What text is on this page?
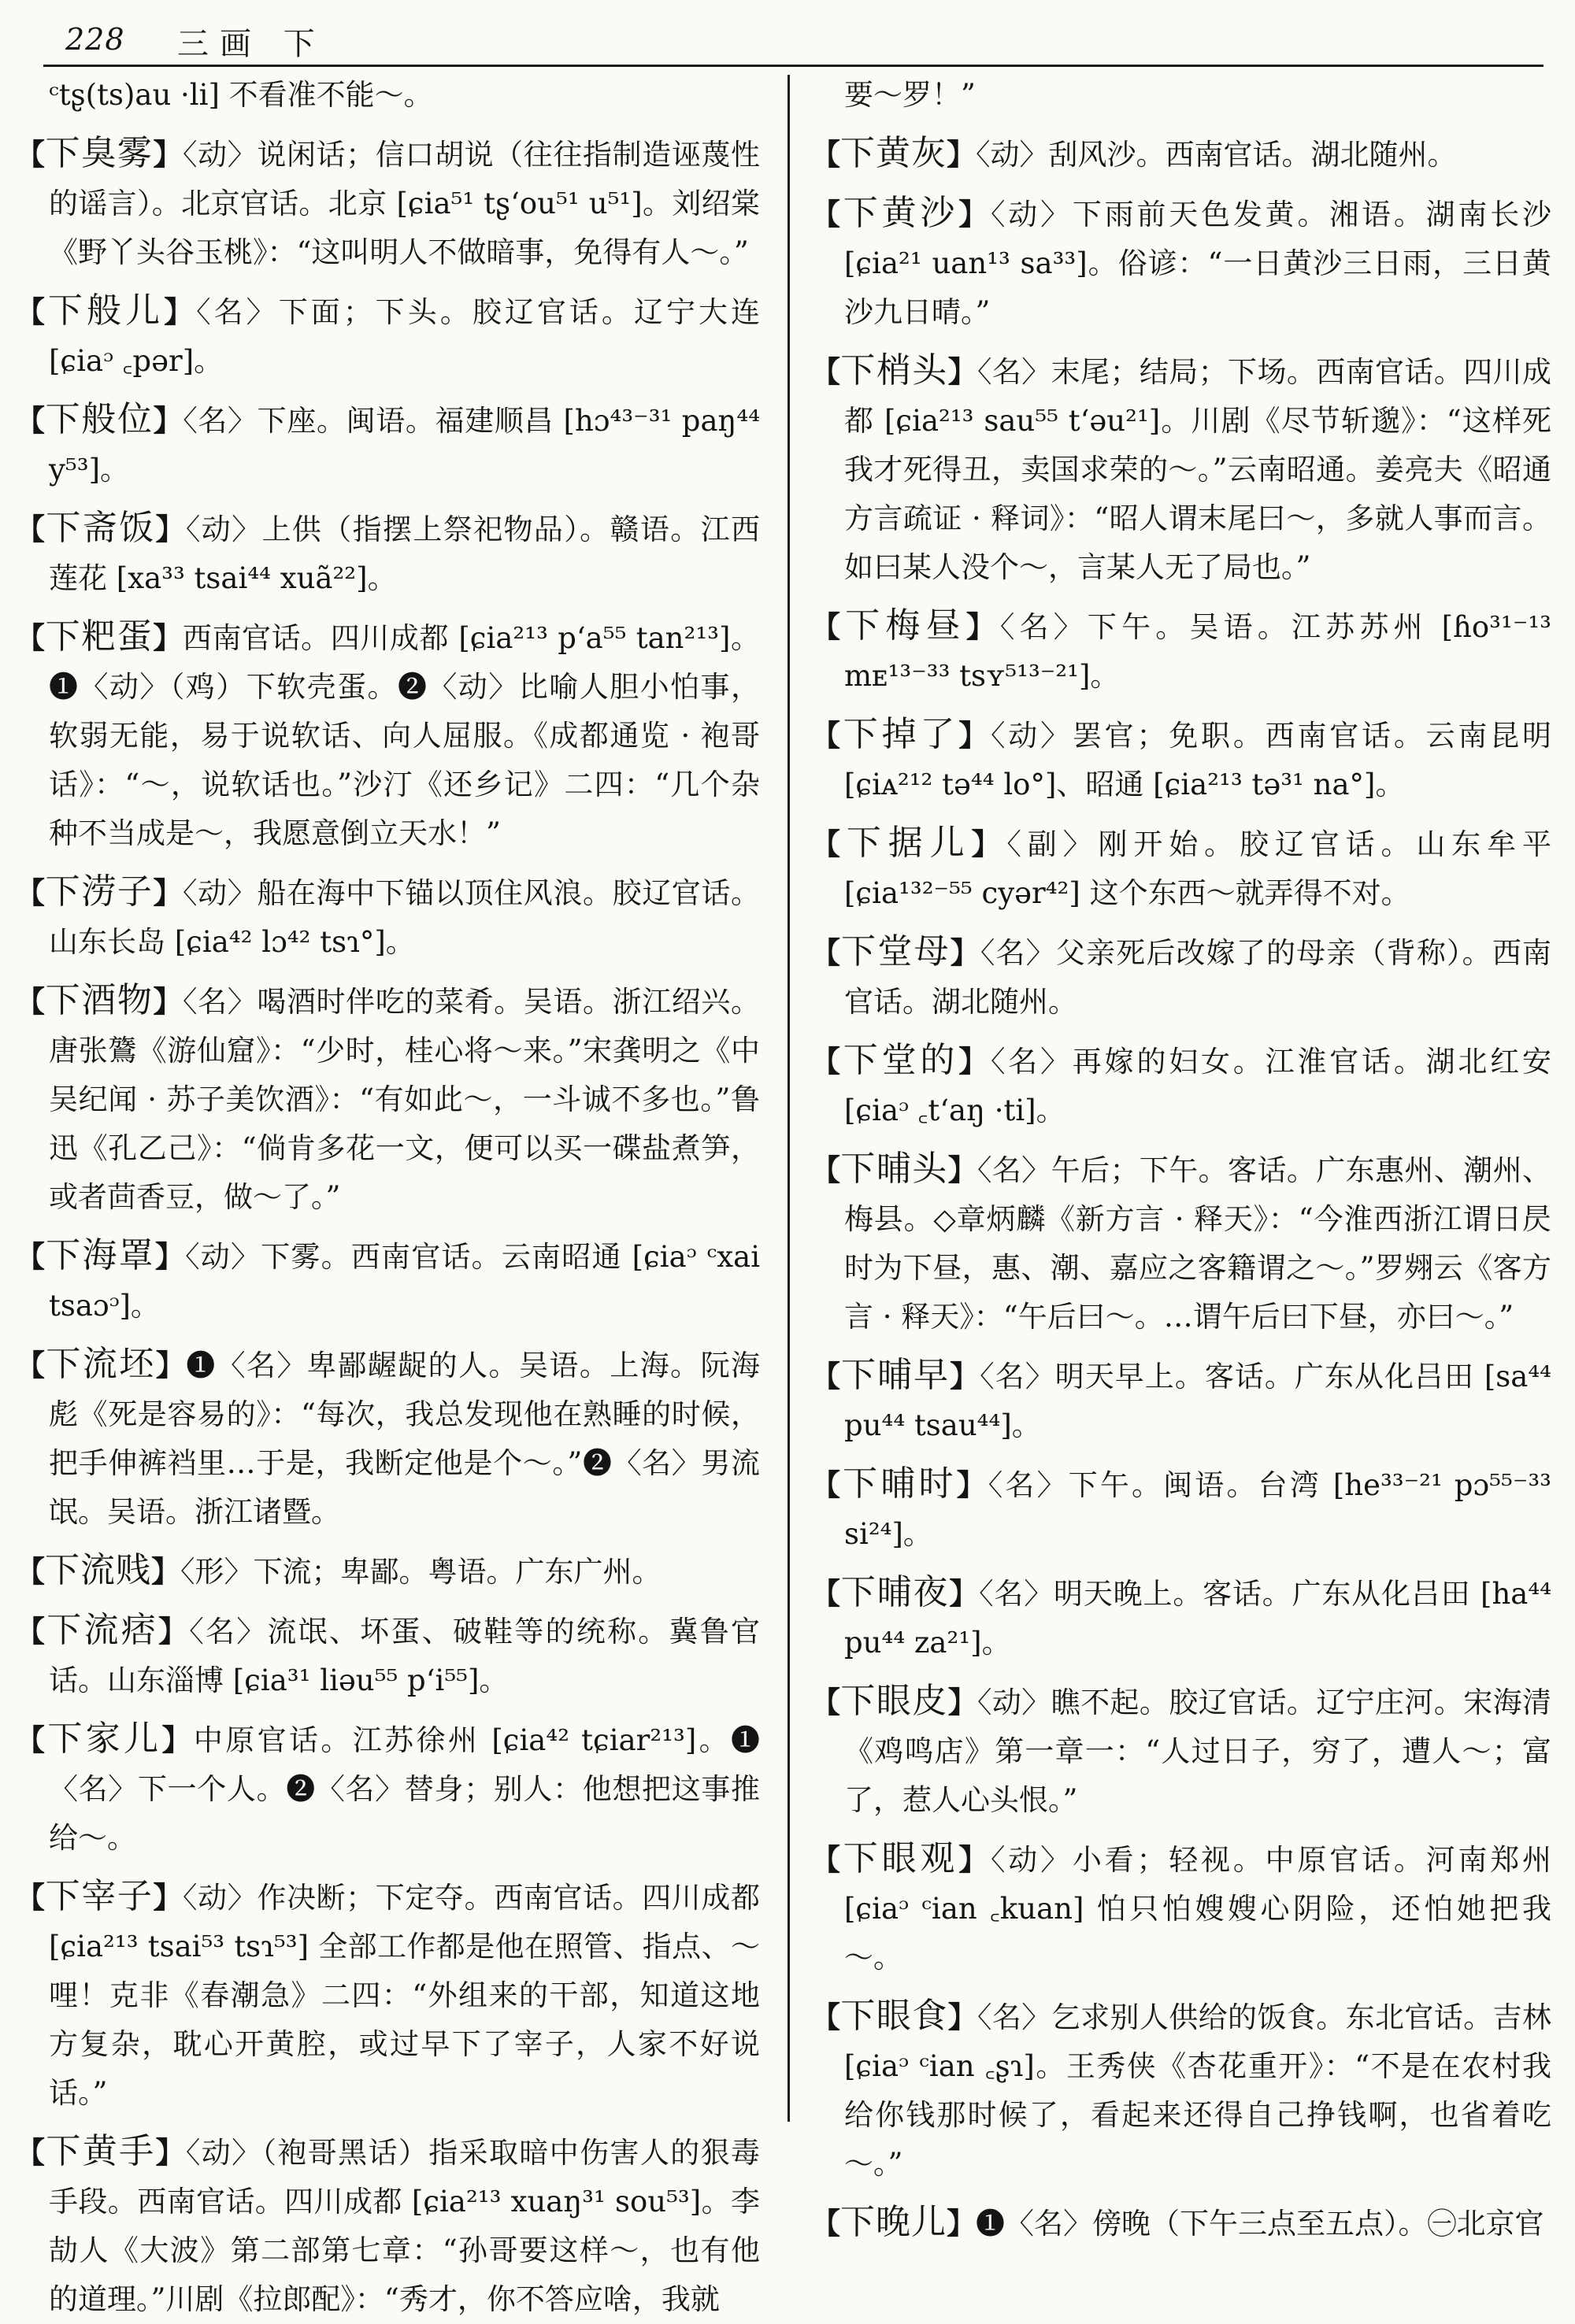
228 三画 下

ᶜtʂ(ts)au ·li] 不看准不能～。

【下臭雾】〈动〉说闲话；信口胡说（往往指制造诬蔑性的谣言）。北京官话。北京 [ɕia⁵¹ tʂʻou⁵¹ u⁵¹]。刘绍棠《野丫头谷玉桃》：“这叫明人不做暗事，免得有人～。”

【下般儿】〈名〉下面；下头。胶辽官话。辽宁大连 [ɕiaᵓ ꜀pər]。

【下般位】〈名〉下座。闽语。福建顺昌 [hɔ⁴³⁻³¹ paŋ⁴⁴ y⁵³]。

【下斋饭】〈动〉上供（指摆上祭祀物品）。赣语。江西莲花 [xa³³ tsai⁴⁴ xuã²²]。

【下粑蛋】西南官话。四川成都 [ɕia²¹³ pʻa⁵⁵ tan²¹³]。❶〈动〉（鸡）下软壳蛋。❷〈动〉比喻人胆小怕事，软弱无能，易于说软话、向人屈服。《成都通览 · 袍哥话》：“～，说软话也。”沙汀《还乡记》二四：“几个杂种不当成是～，我愿意倒立天水！”

【下涝子】〈动〉船在海中下锚以顶住风浪。胶辽官话。山东长岛 [ɕia⁴² lɔ⁴² tsɿ°]。

【下酒物】〈名〉喝酒时伴吃的菜肴。吴语。浙江绍兴。唐张鷟《游仙窟》：“少时，桂心将～来。”宋龚明之《中吴纪闻 · 苏子美饮酒》：“有如此～，一斗诚不多也。”鲁迅《孔乙己》：“倘肯多花一文，便可以买一碟盐煮笋，或者茴香豆，做～了。”

【下海罩】〈动〉下雾。西南官话。云南昭通 [ɕiaᵓ ᶜxai tsaɔᵓ]。

【下流坯】❶〈名〉卑鄙龌龊的人。吴语。上海。阮海彪《死是容易的》：“每次，我总发现他在熟睡的时候，把手伸裤裆里…于是，我断定他是个～。”❷〈名〉男流氓。吴语。浙江诸暨。

【下流贱】〈形〉下流；卑鄙。粤语。广东广州。

【下流痞】〈名〉流氓、坏蛋、破鞋等的统称。冀鲁官话。山东淄博 [ɕia³¹ liəu⁵⁵ pʻi⁵⁵]。

【下家儿】中原官话。江苏徐州 [ɕia⁴² tɕiar²¹³]。❶〈名〉下一个人。❷〈名〉替身；别人：他想把这事推给～。

【下宰子】〈动〉作决断；下定夺。西南官话。四川成都 [ɕia²¹³ tsai⁵³ tsɿ⁵³] 全部工作都是他在照管、指点、～哩！克非《春潮急》二四：“外组来的干部，知道这地方复杂，耽心开黄腔，或过早下了宰子，人家不好说话。”

【下黄手】〈动〉（袍哥黑话）指采取暗中伤害人的狠毒手段。西南官话。四川成都 [ɕia²¹³ xuaŋ³¹ sou⁵³]。李劼人《大波》第二部第七章：“孙哥要这样～，也有他的道理。”川剧《拉郎配》：“秀才，你不答应啥，我就

要～罗！”

【下黄灰】〈动〉刮风沙。西南官话。湖北随州。

【下黄沙】〈动〉下雨前天色发黄。湘语。湖南长沙 [ɕia²¹ uan¹³ sa³³]。俗谚：“一日黄沙三日雨，三日黄沙九日晴。”

【下梢头】〈名〉末尾；结局；下场。西南官话。四川成都 [ɕia²¹³ sau⁵⁵ tʻəu²¹]。川剧《尽节斩邈》：“这样死我才死得丑，卖国求荣的～。”云南昭通。姜亮夫《昭通方言疏证 · 释词》：“昭人谓末尾曰～，多就人事而言。如曰某人没个～，言某人无了局也。”

【下梅昼】〈名〉下午。吴语。江苏苏州 [ɦo³¹⁻¹³ mᴇ¹³⁻³³ tsʏ⁵¹³⁻²¹]。

【下掉了】〈动〉罢官；免职。西南官话。云南昆明 [ɕiᴀ²¹² tə⁴⁴ lo°]、昭通 [ɕia²¹³ tə³¹ na°]。

【下据儿】〈副〉刚开始。胶辽官话。山东牟平 [ɕia¹³²⁻⁵⁵ cyər⁴²] 这个东西～就弄得不对。

【下堂母】〈名〉父亲死后改嫁了的母亲（背称）。西南官话。湖北随州。

【下堂的】〈名〉再嫁的妇女。江淮官话。湖北红安 [ɕiaᵓ ꜀tʻaŋ ·ti]。

【下晡头】〈名〉午后；下午。客话。广东惠州、潮州、梅县。◇章炳麟《新方言 · 释天》：“今淮西浙江谓日昃时为下昼，惠、潮、嘉应之客籍谓之～。”罗翙云《客方言 · 释天》：“午后曰～。…谓午后曰下昼，亦曰～。”

【下晡早】〈名〉明天早上。客话。广东从化吕田 [sa⁴⁴ pu⁴⁴ tsau⁴⁴]。

【下晡时】〈名〉下午。闽语。台湾 [he³³⁻²¹ pɔ⁵⁵⁻³³ si²⁴]。

【下晡夜】〈名〉明天晚上。客话。广东从化吕田 [ha⁴⁴ pu⁴⁴ za²¹]。

【下眼皮】〈动〉瞧不起。胶辽官话。辽宁庄河。宋海清《鸡鸣店》第一章一：“人过日子，穷了，遭人～；富了，惹人心头恨。”

【下眼观】〈动〉小看；轻视。中原官话。河南郑州 [ɕiaᵓ ᶜian ꜀kuan] 怕只怕嫂嫂心阴险，还怕她把我～。

【下眼食】〈名〉乞求别人供给的饭食。东北官话。吉林 [ɕiaᵓ ᶜian ꜀ʂɿ]。王秀侠《杏花重开》：“不是在农村我给你钱那时候了，看起来还得自己挣钱啊，也省着吃～。”

【下晚儿】❶〈名〉傍晚（下午三点至五点）。㊀北京官
